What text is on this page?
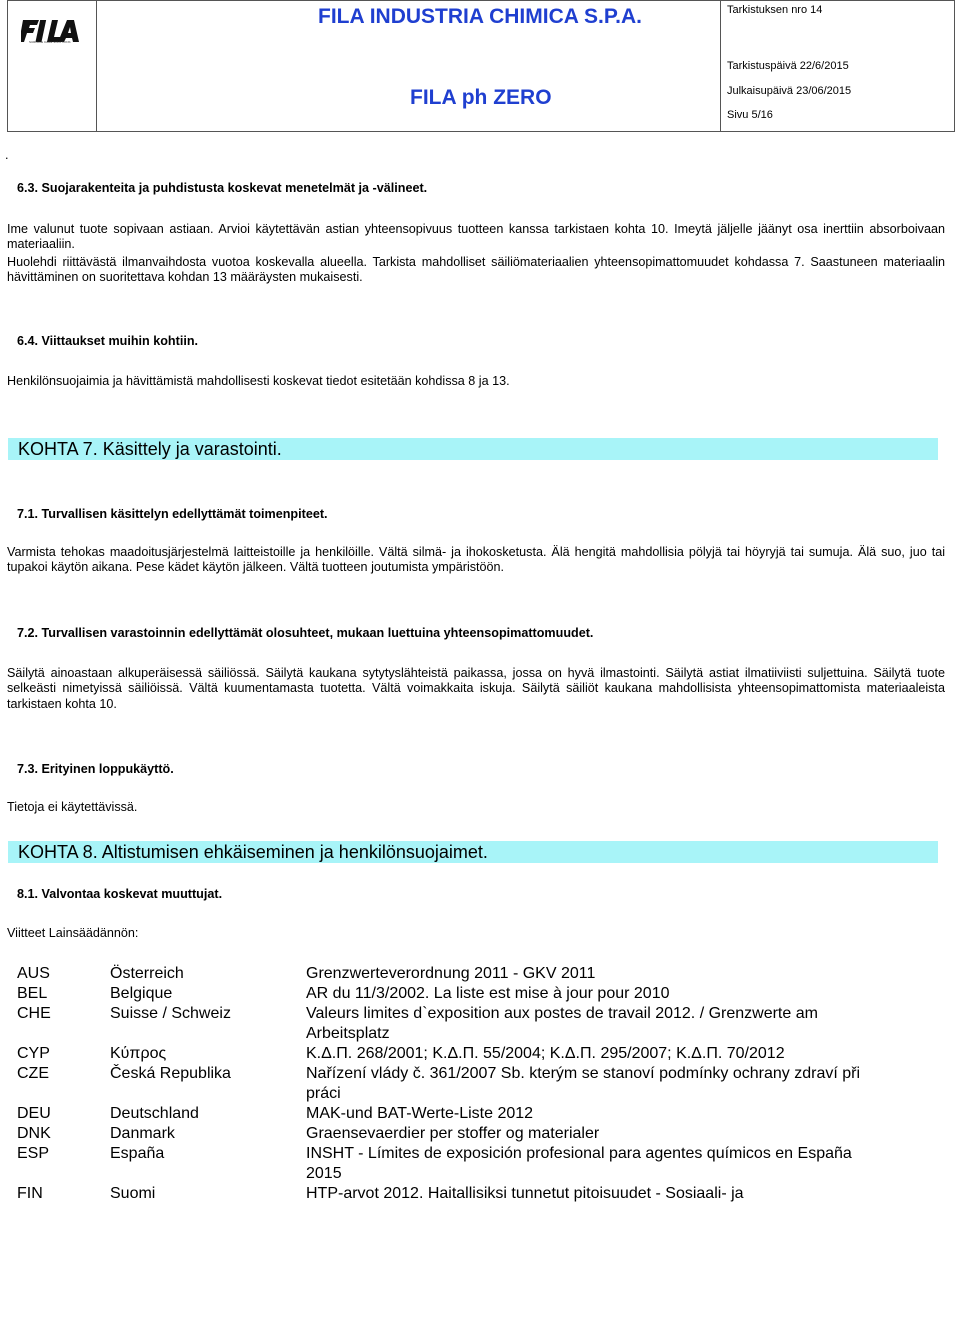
SURFACE CARE SOLUTIONS
FILA INDUSTRIA CHIMICA S.P.A.
FILA ph ZERO
Tarkistuksen nro 14
Tarkistuspäivä 22/6/2015
Julkaisupäivä 23/06/2015
Sivu 5/16
.
6.3. Suojarakenteita ja puhdistusta koskevat menetelmät ja -välineet.
Ime valunut tuote sopivaan astiaan. Arvioi käytettävän astian yhteensopivuus tuotteen kanssa tarkistaen kohta 10. Imeytä jäljelle jäänyt osa inerttiin absorboivaan materiaaliin.
Huolehdi riittävästä ilmanvaihdosta vuotoa koskevalla alueella. Tarkista mahdolliset säiliömateriaalien yhteensopimattomuudet kohdassa 7. Saastuneen materiaalin hävittäminen on suoritettava kohdan 13 määräysten mukaisesti.
6.4. Viittaukset muihin kohtiin.
Henkilönsuojaimia ja hävittämistä mahdollisesti koskevat tiedot esitetään kohdissa 8 ja 13.
KOHTA 7. Käsittely ja varastointi.
7.1. Turvallisen käsittelyn edellyttämät toimenpiteet.
Varmista tehokas maadoitusjärjestelmä laitteistoille ja henkilöille. Vältä silmä- ja ihokosketusta. Älä hengitä mahdollisia pölyjä tai höyryjä tai sumuja. Älä suo, juo tai tupakoi käytön aikana. Pese kädet käytön jälkeen. Vältä tuotteen joutumista ympäristöön.
7.2. Turvallisen varastoinnin edellyttämät olosuhteet, mukaan luettuina yhteensopimattomuudet.
Säilytä ainoastaan alkuperäisessä säiliössä. Säilytä kaukana sytytyslähteistä paikassa, jossa on hyvä ilmastointi. Säilytä astiat ilmatiiviisti suljettuina. Säilytä tuote selkeästi nimetyissä säiliöissä. Vältä kuumentamasta tuotetta. Vältä voimakkaita iskuja. Säilytä säiliöt kaukana mahdollisista yhteensopimattomista materiaaleista tarkistaen kohta 10.
7.3. Erityinen loppukäyttö.
Tietoja ei käytettävissä.
KOHTA 8. Altistumisen ehkäiseminen ja henkilönsuojaimet.
8.1. Valvontaa koskevat muuttujat.
Viitteet Lainsäädännön:
AUS	Österreich	Grenzwerteverordnung 2011 - GKV 2011
BEL	Belgique	AR du 11/3/2002. La liste est mise à jour pour 2010
CHE	Suisse / Schweiz	Valeurs limites d`exposition aux postes de travail 2012. / Grenzwerte am Arbeitsplatz
CYP	Κύπρος	Κ.Δ.Π. 268/2001; Κ.Δ.Π. 55/2004; Κ.Δ.Π. 295/2007; Κ.Δ.Π. 70/2012
CZE	Česká Republika	Nařízení vlády č. 361/2007 Sb. kterým se stanoví podmínky ochrany zdraví při práci
DEU	Deutschland	MAK-und BAT-Werte-Liste 2012
DNK	Danmark	Graensevaerdier per stoffer og materialer
ESP	España	INSHT - Límites de exposición profesional para agentes químicos en España 2015
FIN	Suomi	HTP-arvot 2012. Haitallisiksi tunnetut pitoisuudet - Sosiaali- ja
